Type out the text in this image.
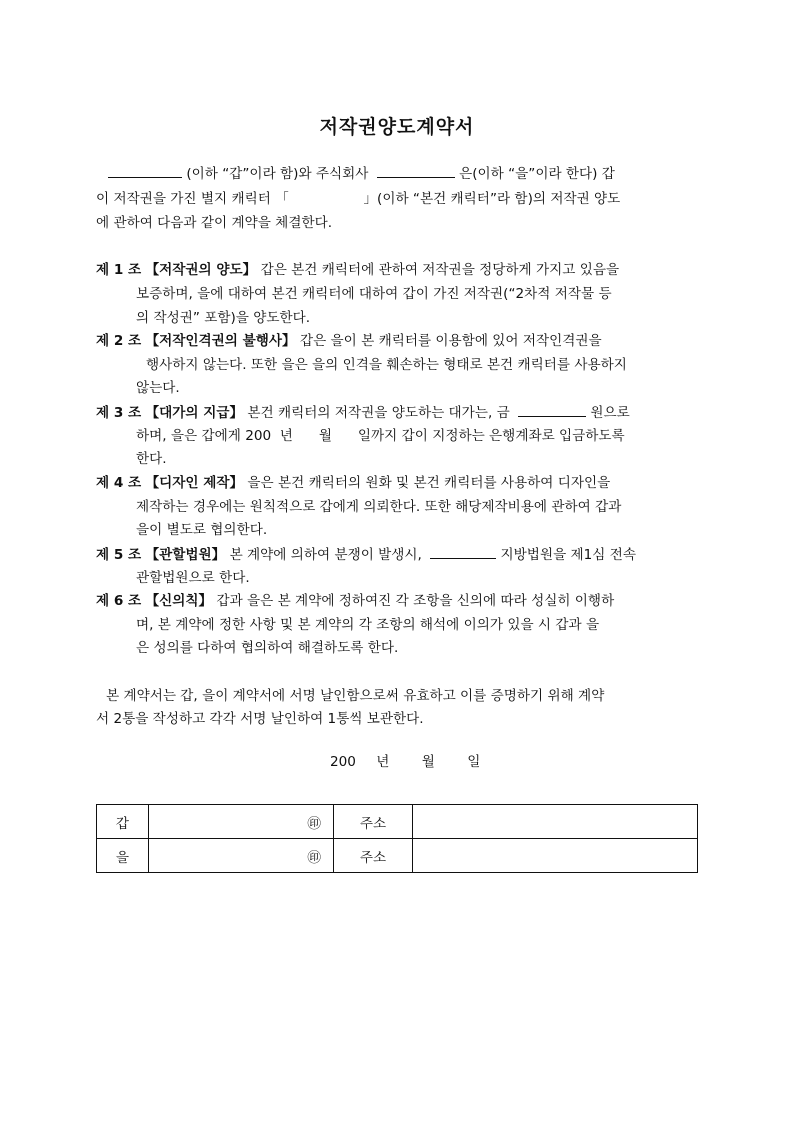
저작권양도계약서
(이하 “갑”이라 함)와 주식회사	은(이하 “을”이라 한다) 갑
이 저작권을 가진 별지 캐릭터 「	」(이하 “본건 캐릭터”라 함)의 저작권 양도
에 관하여 다음과 같이 계약을 체결한다.
제 1 조 【저작권의 양도】 갑은 본건 캐릭터에 관하여 저작권을 정당하게 가지고 있음을
보증하며, 을에 대하여 본건 캐릭터에 대하여 갑이 가진 저작권(“2차적 저작물 등
의 작성권” 포함)을 양도한다.
제 2 조 【저작인격권의 불행사】 갑은 을이 본 캐릭터를 이용함에 있어 저작인격권을
행사하지 않는다. 또한 을은 을의 인격을 훼손하는 형태로 본건 캐릭터를 사용하지
않는다.
제 3 조 【대가의 지급】 본건 캐릭터의 저작권을 양도하는 대가는, 금	원으로
하며, 을은 갑에게 200  년      월      일까지 갑이 지정하는 은행계좌로 입금하도록
한다.
제 4 조 【디자인 제작】 을은 본건 캐릭터의 원화 및 본건 캐릭터를 사용하여 디자인을
제작하는 경우에는 원칙적으로 갑에게 의뢰한다. 또한 해당제작비용에 관하여 갑과
을이 별도로 협의한다.
제 5 조 【관할법원】 본 계약에 의하여 분쟁이 발생시,	지방법원을 제1심 전속
관할법원으로 한다.
제 6 조 【신의칙】 갑과 을은 본 계약에 정하여진 각 조항을 신의에 따라 성실히 이행하
며, 본 계약에 정한 사항 및 본 계약의 각 조항의 해석에 이의가 있을 시 갑과 을
은 성의를 다하여 협의하여 해결하도록 한다.
본 계약서는 갑, 을이 계약서에 서명 날인함으로써 유효하고 이를 증명하기 위해 계약
서 2통을 작성하고 각각 서명 날인하여 1통씩 보관한다.
200 년 월 일
갑	㊞	주소	
을	㊞	주소	
